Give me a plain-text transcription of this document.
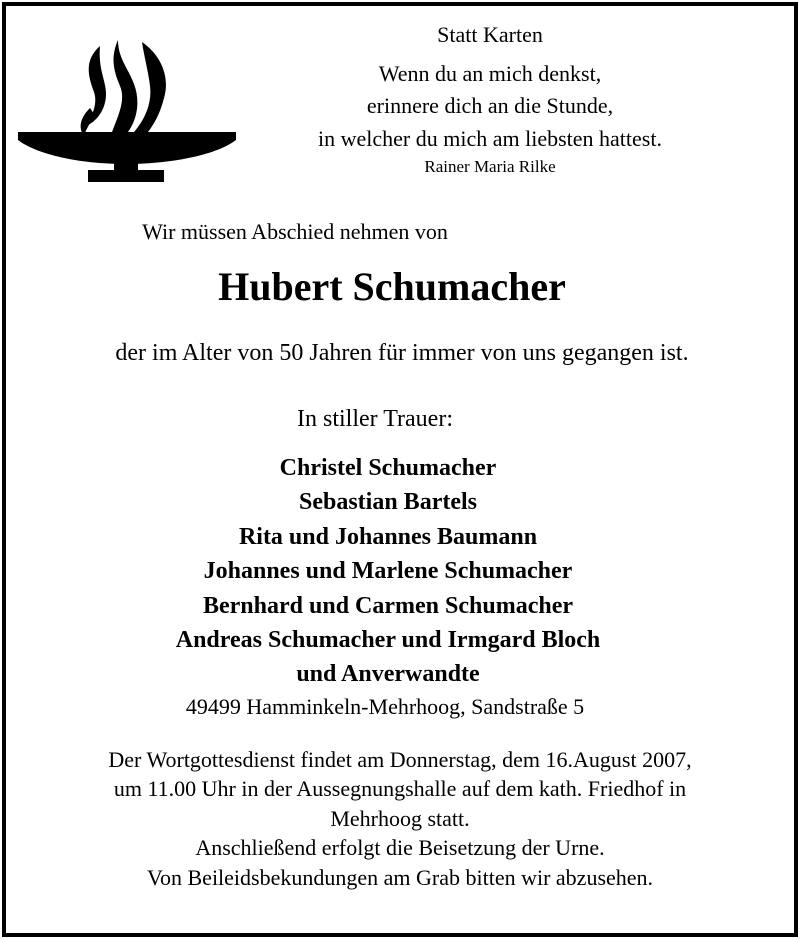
Statt Karten
Wenn du an mich denkst,
erinnere dich an die Stunde,
in welcher du mich am liebsten hattest.
Rainer Maria Rilke
Wir müssen Abschied nehmen von
Hubert Schumacher
der im Alter von 50 Jahren für immer von uns gegangen ist.
In stiller Trauer:
Christel Schumacher
Sebastian Bartels
Rita und Johannes Baumann
Johannes und Marlene Schumacher
Bernhard und Carmen Schumacher
Andreas Schumacher und Irmgard Bloch
und Anverwandte
49499 Hamminkeln-Mehrhoog, Sandstraße 5
Der Wortgottesdienst findet am Donnerstag, dem 16.August 2007,
um 11.00 Uhr in der Aussegnungshalle auf dem kath. Friedhof in
Mehrhoog statt.
Anschließend erfolgt die Beisetzung der Urne.
Von Beileidsbekundungen am Grab bitten wir abzusehen.
